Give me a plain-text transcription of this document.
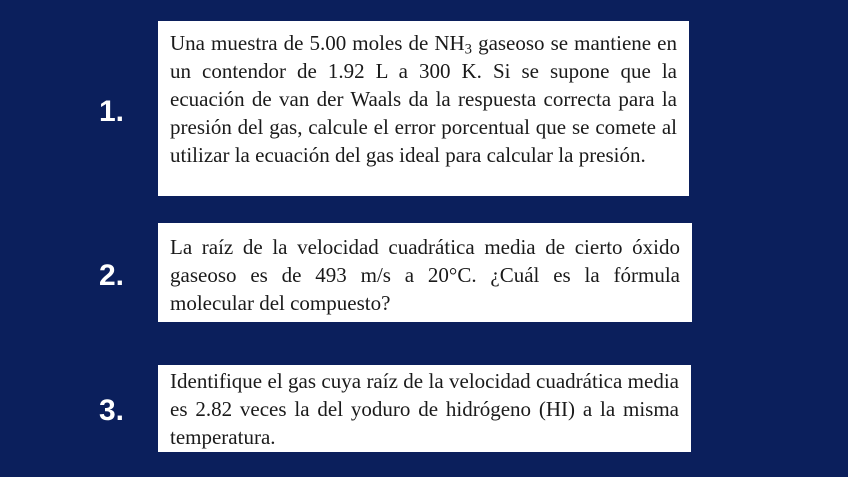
1.

Una muestra de 5.00 moles de $NH_3$ gaseoso se mantiene en un contendor de 1.92 L a 300 K. Si se supone que la ecuación de van der Waals da la respuesta correcta para la presión del gas, calcule el error porcentual que se comete al utilizar la ecuación del gas ideal para calcular la presión.

2.

La raíz de la velocidad cuadrática media de cierto óxido gaseoso es de 493 m/s a 20°C. ¿Cuál es la fórmula molecular del compuesto?

3.

Identifique el gas cuya raíz de la velocidad cuadrática media es 2.82 veces la del yoduro de hidrógeno (HI) a la misma temperatura.
